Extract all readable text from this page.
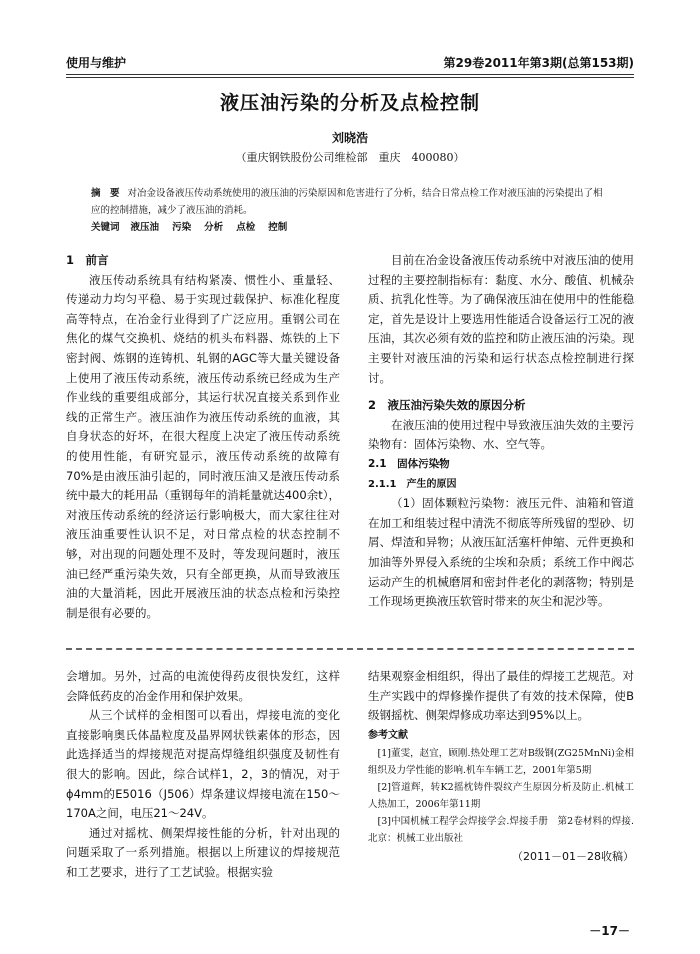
使用与维护	第29卷2011年第3期(总第153期)
液压油污染的分析及点检控制
刘晓浩
（重庆钢铁股份公司维检部　重庆　400080）
摘　要 对冶金设备液压传动系统使用的液压油的污染原因和危害进行了分析，结合日常点检工作对液压油的污染提出了相应的控制措施，减少了液压油的消耗。
关键词 液压油 污染 分析 点检 控制

1　前言

液压传动系统具有结构紧凑、惯性小、重量轻、传递动力均匀平稳、易于实现过载保护、标准化程度高等特点，在冶金行业得到了广泛应用。重钢公司在焦化的煤气交换机、烧结的机头布料器、炼铁的上下密封阀、炼钢的连铸机、轧钢的AGC等大量关键设备上使用了液压传动系统，液压传动系统已经成为生产作业线的重要组成部分，其运行状况直接关系到作业线的正常生产。液压油作为液压传动系统的血液，其自身状态的好坏，在很大程度上决定了液压传动系统的使用性能，有研究显示，液压传动系统的故障有70%是由液压油引起的，同时液压油又是液压传动系统中最大的耗用品（重钢每年的消耗量就达400余t），对液压传动系统的经济运行影响极大，而大家往往对液压油重要性认识不足，对日常点检的状态控制不够，对出现的问题处理不及时，等发现问题时，液压油已经严重污染失效，只有全部更换，从而导致液压油的大量消耗，因此开展液压油的状态点检和污染控制是很有必要的。

目前在冶金设备液压传动系统中对液压油的使用过程的主要控制指标有：黏度、水分、酸值、机械杂质、抗乳化性等。为了确保液压油在使用中的性能稳定，首先是设计上要选用性能适合设备运行工况的液压油，其次必须有效的监控和防止液压油的污染。现主要针对液压油的污染和运行状态点检控制进行探讨。

2　液压油污染失效的原因分析

在液压油的使用过程中导致液压油失效的主要污染物有：固体污染物、水、空气等。

2.1　固体污染物

2.1.1　产生的原因

（1）固体颗粒污染物：液压元件、油箱和管道在加工和组装过程中清洗不彻底等所残留的型砂、切屑、焊渣和异物；从液压缸活塞杆伸缩、元件更换和加油等外界侵入系统的尘埃和杂质；系统工作中阀芯运动产生的机械磨屑和密封件老化的剥落物；特别是工作现场更换液压软管时带来的灰尘和泥沙等。

会增加。另外，过高的电流使得药皮很快发红，这样会降低药皮的冶金作用和保护效果。

从三个试样的金相图可以看出，焊接电流的变化直接影响奥氏体晶粒度及晶界网状铁素体的形态，因此选择适当的焊接规范对提高焊缝组织强度及韧性有很大的影响。因此，综合试样1，2，3的情况，对于ϕ4mm的E5016（J506）焊条建议焊接电流在150～170A之间，电压21～24V。

通过对摇枕、侧架焊接性能的分析，针对出现的问题采取了一系列措施。根据以上所建议的焊接规范和工艺要求，进行了工艺试验。根据实验

结果观察金相组织，得出了最佳的焊接工艺规范。对生产实践中的焊修操作提供了有效的技术保障，使B级钢摇枕、侧架焊修成功率达到95%以上。

参考文献

[1]董雯，赵宜，顾刚.热处理工艺对B级钢(ZG25MnNi)金相组织及力学性能的影响.机车车辆工艺，2001年第5期

[2]管道辉，转K2摇枕铸件裂纹产生原因分析及防止.机械工人热加工，2006年第11期

[3]中国机械工程学会焊接学会.焊接手册　第2卷材料的焊接.北京：机械工业出版社

（2011－01－28收稿）

－17－
